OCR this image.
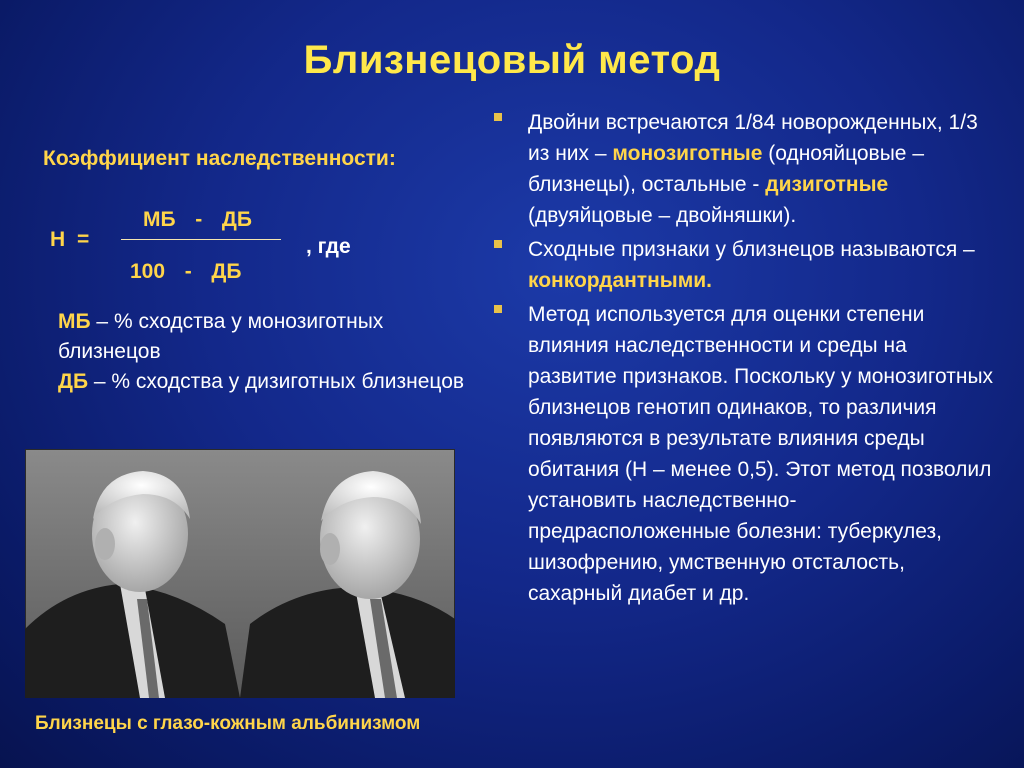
Близнецовый метод
Коэффициент наследственности:
Н =
МБ  -  ДБ
100  -  ДБ
, где
МБ – % сходства у монозиготных близнецов
ДБ – % сходства у дизиготных близнецов
Близнецы с глазо-кожным альбинизмом
Двойни встречаются 1/84 новорожденных, 1/3 из них – монозиготные (однояйцовые – близнецы), остальные - дизиготные (двуяйцовые – двойняшки).
Сходные признаки у близнецов называются – конкордантными.
Метод используется для оценки степени влияния наследственности и среды на развитие признаков. Поскольку у монозиготных близнецов генотип одинаков, то различия появляются в результате влияния среды обитания (Н – менее 0,5). Этот метод позволил установить наследственно-предрасположенные болезни: туберкулез, шизофрению, умственную отсталость, сахарный диабет и др.
